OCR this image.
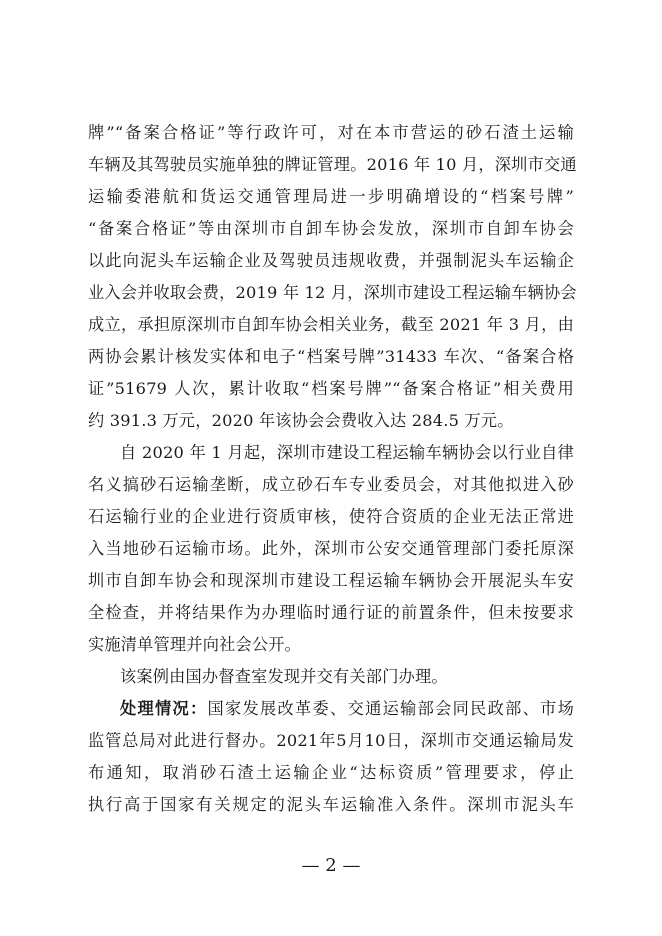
牌”“备案合格证”等行政许可，对在本市营运的砂石渣土运输
车辆及其驾驶员实施单独的牌证管理。2016 年 10 月，深圳市交通
运输委港航和货运交通管理局进一步明确增设的“档案号牌”
“备案合格证”等由深圳市自卸车协会发放，深圳市自卸车协会
以此向泥头车运输企业及驾驶员违规收费，并强制泥头车运输企
业入会并收取会费，2019 年 12 月，深圳市建设工程运输车辆协会
成立，承担原深圳市自卸车协会相关业务，截至 2021 年 3 月，由
两协会累计核发实体和电子“档案号牌”31433 车次、“备案合格
证”51679 人次，累计收取“档案号牌”“备案合格证”相关费用
约 391.3 万元，2020 年该协会会费收入达 284.5 万元。
自 2020 年 1 月起，深圳市建设工程运输车辆协会以行业自律
名义搞砂石运输垄断，成立砂石车专业委员会，对其他拟进入砂
石运输行业的企业进行资质审核，使符合资质的企业无法正常进
入当地砂石运输市场。此外，深圳市公安交通管理部门委托原深
圳市自卸车协会和现深圳市建设工程运输车辆协会开展泥头车安
全检查，并将结果作为办理临时通行证的前置条件，但未按要求
实施清单管理并向社会公开。
该案例由国办督查室发现并交有关部门办理。
处理情况：国家发展改革委、交通运输部会同民政部、市场
监管总局对此进行督办。2021年5月10日，深圳市交通运输局发
布通知，取消砂石渣土运输企业“达标资质”管理要求，停止
执行高于国家有关规定的泥头车运输准入条件。深圳市泥头车
— 2 —
